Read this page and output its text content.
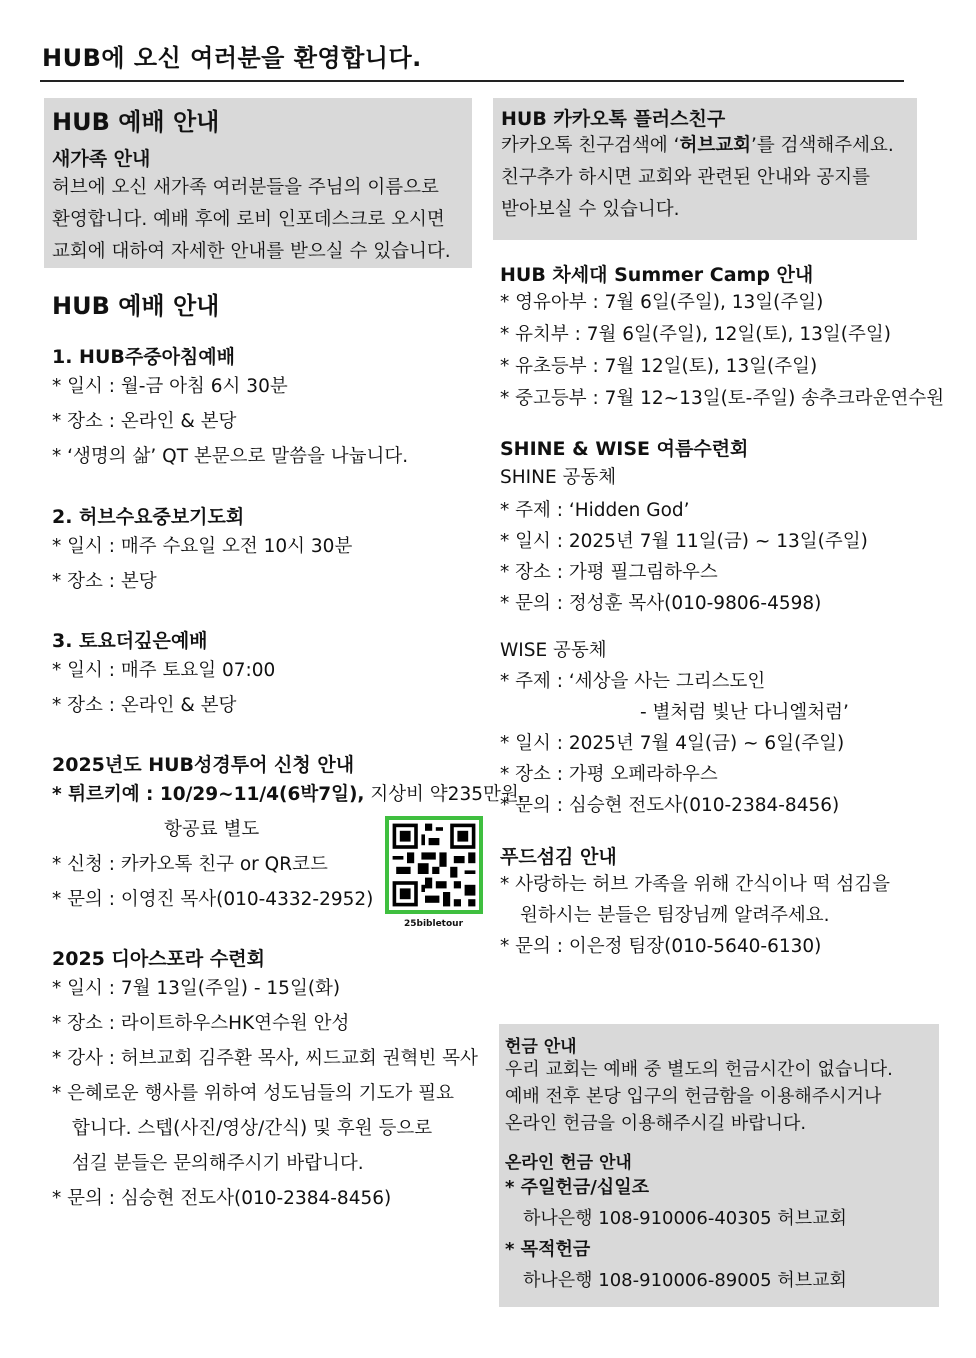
HUB에 오신 여러분을 환영합니다.
HUB 예배 안내
새가족 안내
허브에 오신 새가족 여러분들을 주님의 이름으로
환영합니다. 예배 후에 로비 인포데스크로 오시면
교회에 대하여 자세한 안내를 받으실 수 있습니다.
HUB 예배 안내
1. HUB주중아침예배
* 일시 : 월-금 아침 6시 30분
* 장소 : 온라인 & 본당
* ‘생명의 삶’ QT 본문으로 말씀을 나눕니다.
2. 허브수요중보기도회
* 일시 : 매주 수요일 오전 10시 30분
* 장소 : 본당
3. 토요더깊은예배
* 일시 : 매주 토요일 07:00
* 장소 : 온라인 & 본당
2025년도 HUB성경투어 신청 안내
* 튀르키예 : 10/29~11/4(6박7일), 지상비 약235만원.
항공료 별도
* 신청 : 카카오톡 친구 or QR코드
* 문의 : 이영진 목사(010-4332-2952)
25bibletour
2025 디아스포라 수련회
* 일시 : 7월 13일(주일) - 15일(화)
* 장소 : 라이트하우스HK연수원 안성
* 강사 : 허브교회 김주환 목사, 씨드교회 권혁빈 목사
* 은혜로운 행사를 위하여 성도님들의 기도가 필요
합니다. 스텝(사진/영상/간식) 및 후원 등으로
섬길 분들은 문의해주시기 바랍니다.
* 문의 : 심승현 전도사(010-2384-8456)
HUB 카카오톡 플러스친구
카카오톡 친구검색에 ‘허브교회’를 검색해주세요.
친구추가 하시면 교회와 관련된 안내와 공지를
받아보실 수 있습니다.
HUB 차세대 Summer Camp 안내
* 영유아부 : 7월 6일(주일), 13일(주일)
* 유치부 : 7월 6일(주일), 12일(토), 13일(주일)
* 유초등부 : 7월 12일(토), 13일(주일)
* 중고등부 : 7월 12~13일(토-주일) 송추크라운연수원
SHINE & WISE 여름수련회
SHINE 공동체
* 주제 : ‘Hidden God’
* 일시 : 2025년 7월 11일(금) ~ 13일(주일)
* 장소 : 가평 필그림하우스
* 문의 : 정성훈 목사(010-9806-4598)
WISE 공동체
* 주제 : ‘세상을 사는 그리스도인
- 별처럼 빛난 다니엘처럼’
* 일시 : 2025년 7월 4일(금) ~ 6일(주일)
* 장소 : 가평 오페라하우스
* 문의 : 심승현 전도사(010-2384-8456)
푸드섬김 안내
* 사랑하는 허브 가족을 위해 간식이나 떡 섬김을
원하시는 분들은 팀장님께 알려주세요.
* 문의 : 이은정 팀장(010-5640-6130)
헌금 안내
우리 교회는 예배 중 별도의 헌금시간이 없습니다.
예배 전후 본당 입구의 헌금함을 이용해주시거나
온라인 헌금을 이용해주시길 바랍니다.
온라인 헌금 안내
* 주일헌금/십일조
하나은행 108-910006-40305 허브교회
* 목적헌금
하나은행 108-910006-89005 허브교회
